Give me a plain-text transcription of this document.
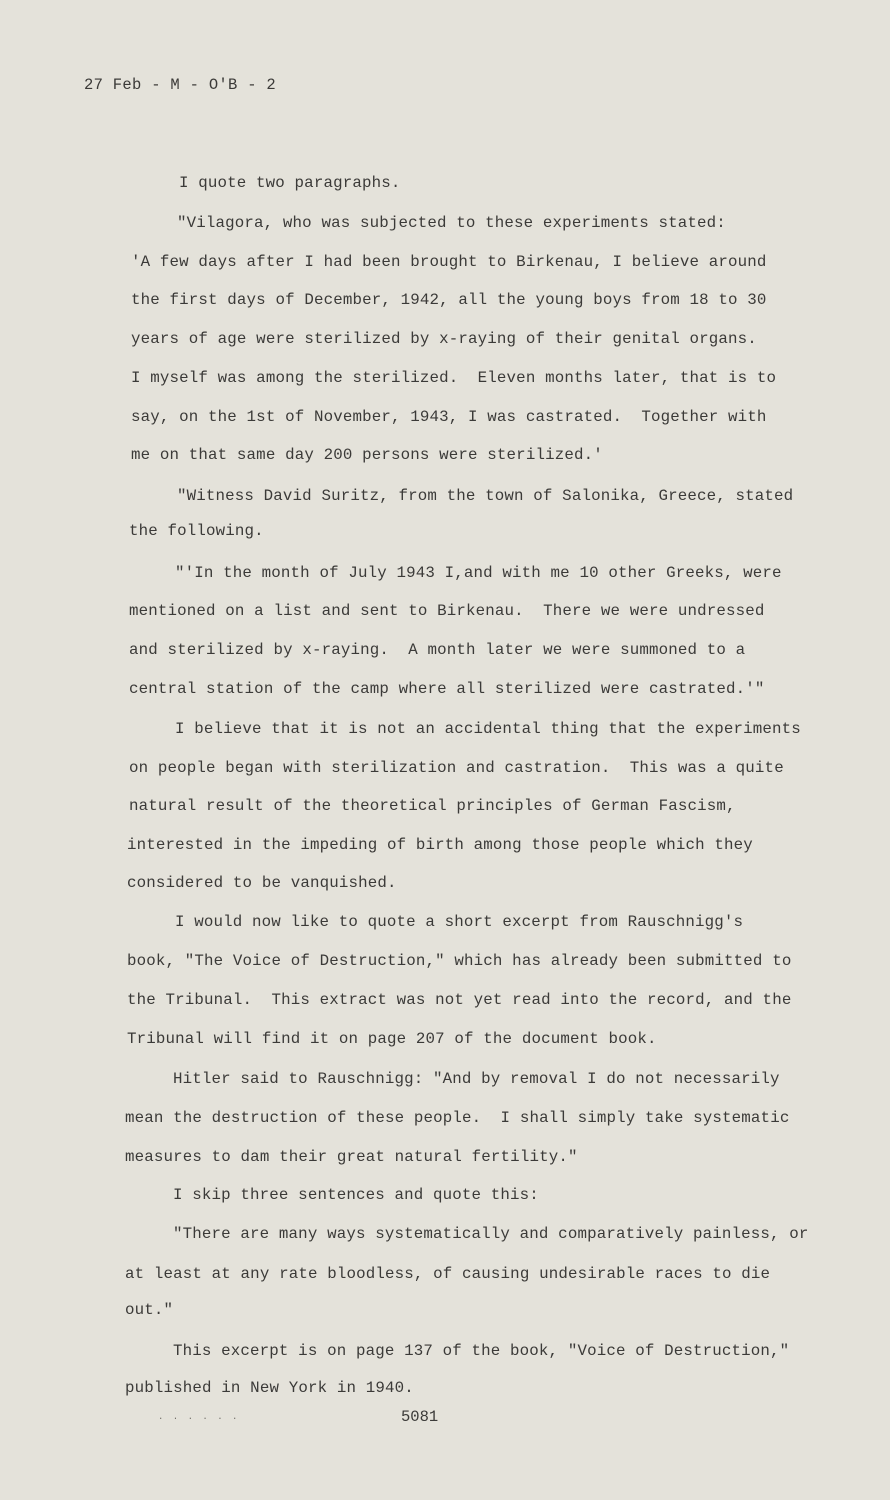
27 Feb - M - O'B - 2
I quote two paragraphs.
"Vilagora, who was subjected to these experiments stated:
'A few days after I had been brought to Birkenau, I believe around
the first days of December, 1942, all the young boys from 18 to 30
years of age were sterilized by x-raying of their genital organs.
I myself was among the sterilized.  Eleven months later, that is to
say, on the 1st of November, 1943, I was castrated.  Together with
me on that same day 200 persons were sterilized.'
"Witness David Suritz, from the town of Salonika, Greece, stated
the following.
"'In the month of July 1943 I,and with me 10 other Greeks, were
mentioned on a list and sent to Birkenau.  There we were undressed
and sterilized by x-raying.  A month later we were summoned to a
central station of the camp where all sterilized were castrated.'"
I believe that it is not an accidental thing that the experiments
on people began with sterilization and castration.  This was a quite
natural result of the theoretical principles of German Fascism,
interested in the impeding of birth among those people which they
considered to be vanquished.
I would now like to quote a short excerpt from Rauschnigg's
book, "The Voice of Destruction," which has already been submitted to
the Tribunal.  This extract was not yet read into the record, and the
Tribunal will find it on page 207 of the document book.
Hitler said to Rauschnigg: "And by removal I do not necessarily
mean the destruction of these people.  I shall simply take systematic
measures to dam their great natural fertility."
I skip three sentences and quote this:
"There are many ways systematically and comparatively painless, or
at least at any rate bloodless, of causing undesirable races to die
out."
This excerpt is on page 137 of the book, "Voice of Destruction,"
published in New York in 1940.
· · · · · ·	5081
